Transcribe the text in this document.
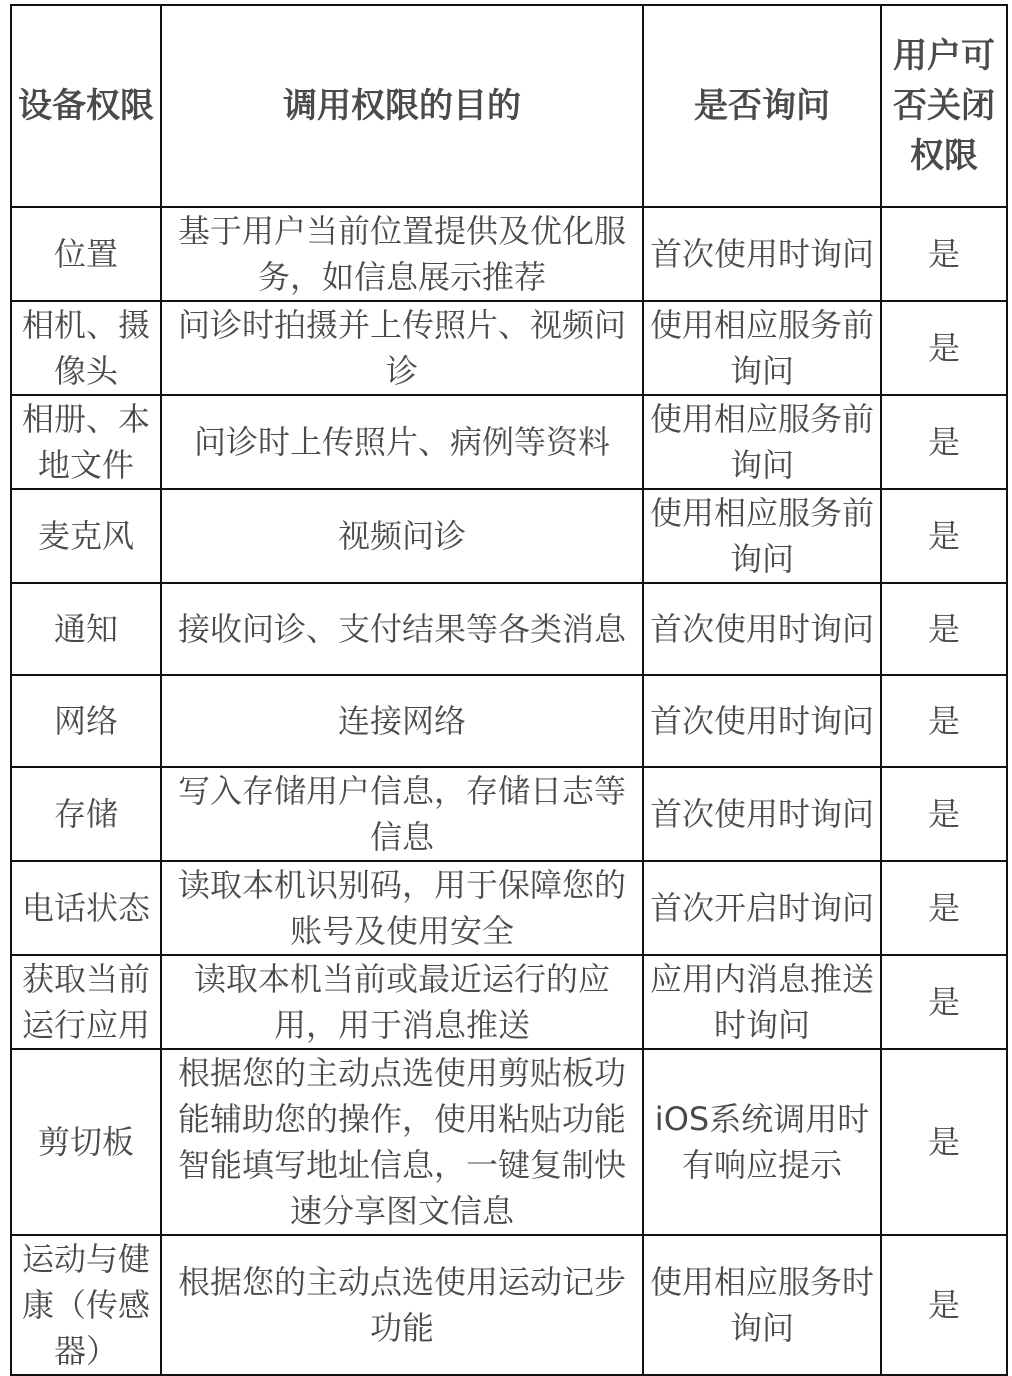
设备权限	调用权限的目的	是否询问	用户可否关闭权限
位置	基于用户当前位置提供及优化服务，如信息展示推荐	首次使用时询问	是
相机、摄像头	问诊时拍摄并上传照片、视频问诊	使用相应服务前询问	是
相册、本地文件	问诊时上传照片、病例等资料	使用相应服务前询问	是
麦克风	视频问诊	使用相应服务前询问	是
通知	接收问诊、支付结果等各类消息	首次使用时询问	是
网络	连接网络	首次使用时询问	是
存储	写入存储用户信息，存储日志等信息	首次使用时询问	是
电话状态	读取本机识别码，用于保障您的账号及使用安全	首次开启时询问	是
获取当前运行应用	读取本机当前或最近运行的应用，用于消息推送	应用内消息推送时询问	是
剪切板	根据您的主动点选使用剪贴板功能辅助您的操作，使用粘贴功能智能填写地址信息，一键复制快速分享图文信息	iOS系统调用时有响应提示	是
运动与健康（传感器）	根据您的主动点选使用运动记步功能	使用相应服务时询问	是
